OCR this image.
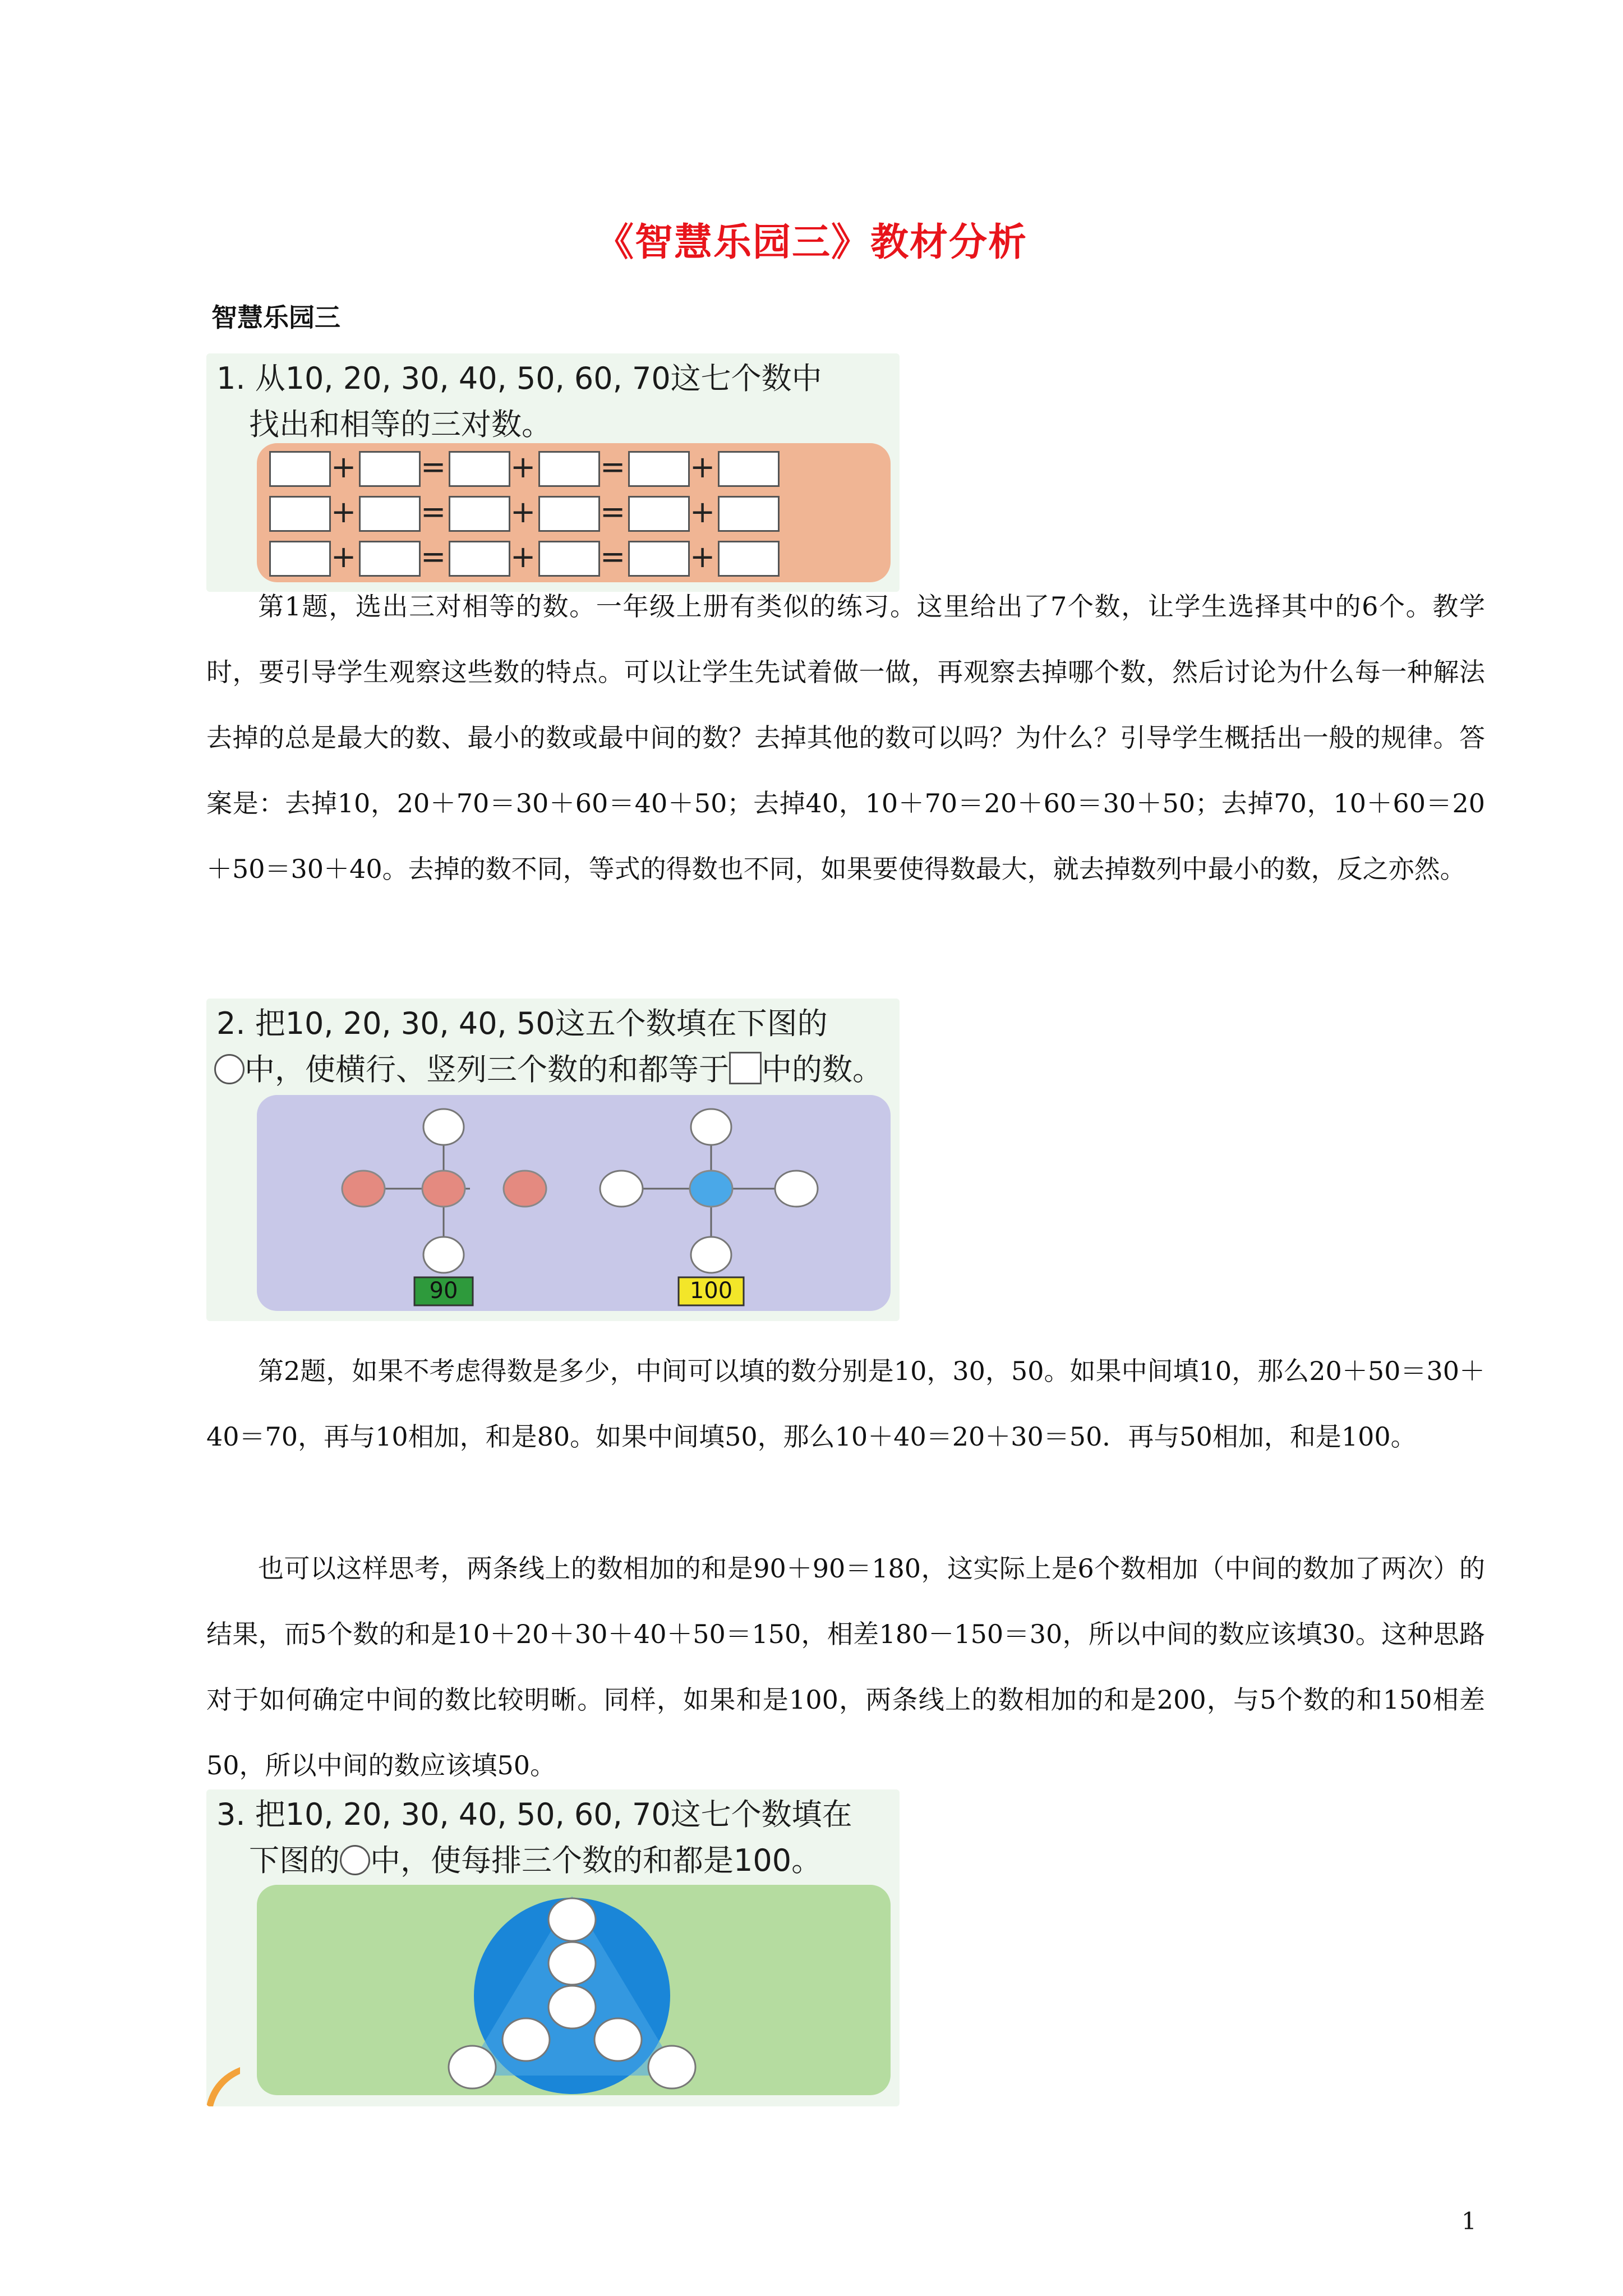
《智慧乐园三》教材分析
智慧乐园三

1. 从10, 20, 30, 40, 50, 60, 70这七个数中

找出和相等的三对数。

+ = + = +
+ = + = +
+ = + = +

第1题，选出三对相等的数。一年级上册有类似的练习。这里给出了7个数，让学生选择其中的6个。教学时，要引导学生观察这些数的特点。可以让学生先试着做一做，再观察去掉哪个数，然后讨论为什么每一种解法去掉的总是最大的数、最小的数或最中间的数？去掉其他的数可以吗？为什么？引导学生概括出一般的规律。答案是：去掉10，20＋70＝30＋60＝40＋50；去掉40，10＋70＝20＋60＝30＋50；去掉70，10＋60＝20＋50＝30＋40。去掉的数不同，等式的得数也不同，如果要使得数最大，就去掉数列中最小的数，反之亦然。

2. 把10, 20, 30, 40, 50这五个数填在下图的

中，使横行、竖列三个数的和都等于 中的数。

90	100

第2题，如果不考虑得数是多少，中间可以填的数分别是10，30，50。如果中间填10，那么20＋50＝30＋40＝70，再与10相加，和是80。如果中间填50，那么10＋40＝20＋30＝50．再与50相加，和是100。

也可以这样思考，两条线上的数相加的和是90＋90＝180，这实际上是6个数相加（中间的数加了两次）的结果，而5个数的和是10＋20＋30＋40＋50＝150，相差180－150＝30，所以中间的数应该填30。这种思路对于如何确定中间的数比较明晰。同样，如果和是100，两条线上的数相加的和是200，与5个数的和150相差50，所以中间的数应该填50。

3. 把10, 20, 30, 40, 50, 60, 70这七个数填在

下图的 中，使每排三个数的和都是100。

1
